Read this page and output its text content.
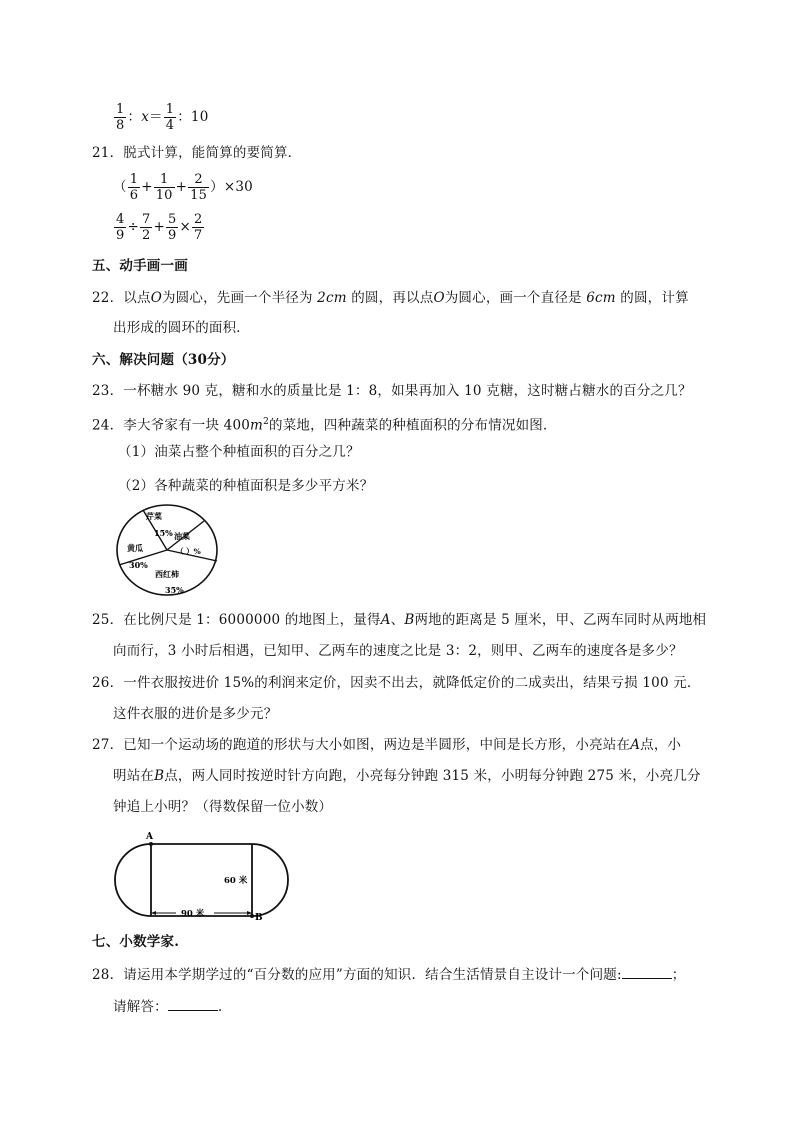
$\frac{1}{8}$ ：$x= \frac{1}{4}$ ：10
21．脱式计算，能简算的要简算．
（ $\frac{1}{6} + \frac{1}{10} + \frac{2}{15} )\times 30$
$\frac{4}{9} \div \frac{7}{2} + \frac{5}{9} \times \frac{2}{7}$
五、动手画一画
22．以点O为圆心，先画一个半径为 2cm 的圆，再以点O为圆心，画一个直径是 6cm 的圆，计算
出形成的圆环的面积．
六、解决问题（30分）
23．一杯糖水 90 克，糖和水的质量比是 1：8，如果再加入 10 克糖，这时糖占糖水的百分之几？
24．李大爷家有一块 $400m^2$的菜地，四种蔬菜的种植面积的分布情况如图．
（1）油菜占整个种植面积的百分之几？
（2）各种蔬菜的种植面积是多少平方米？
芹菜
15% 油菜
（ ）%
黄瓜
30%
西红柿
35%
25．在比例尺是 1：6000000 的地图上，量得A、B两地的距离是 5 厘米，甲、乙两车同时从两地相
向而行，3 小时后相遇，已知甲、乙两车的速度之比是 3：2，则甲、乙两车的速度各是多少？
26．一件衣服按进价 15%的利润来定价，因卖不出去，就降低定价的二成卖出，结果亏损 100 元．
这件衣服的进价是多少元？
27．已知一个运动场的跑道的形状与大小如图，两边是半圆形，中间是长方形，小亮站在A点，小
明站在B点，两人同时按逆时针方向跑，小亮每分钟跑 315 米，小明每分钟跑 275 米，小亮几分
钟追上小明？（得数保留一位小数）
A
B
60 米
90 米
七、小数学家.
28．请运用本学期学过的“百分数的应用”方面的知识．结合生活情景自主设计一个问题:	；
请解答：	.
